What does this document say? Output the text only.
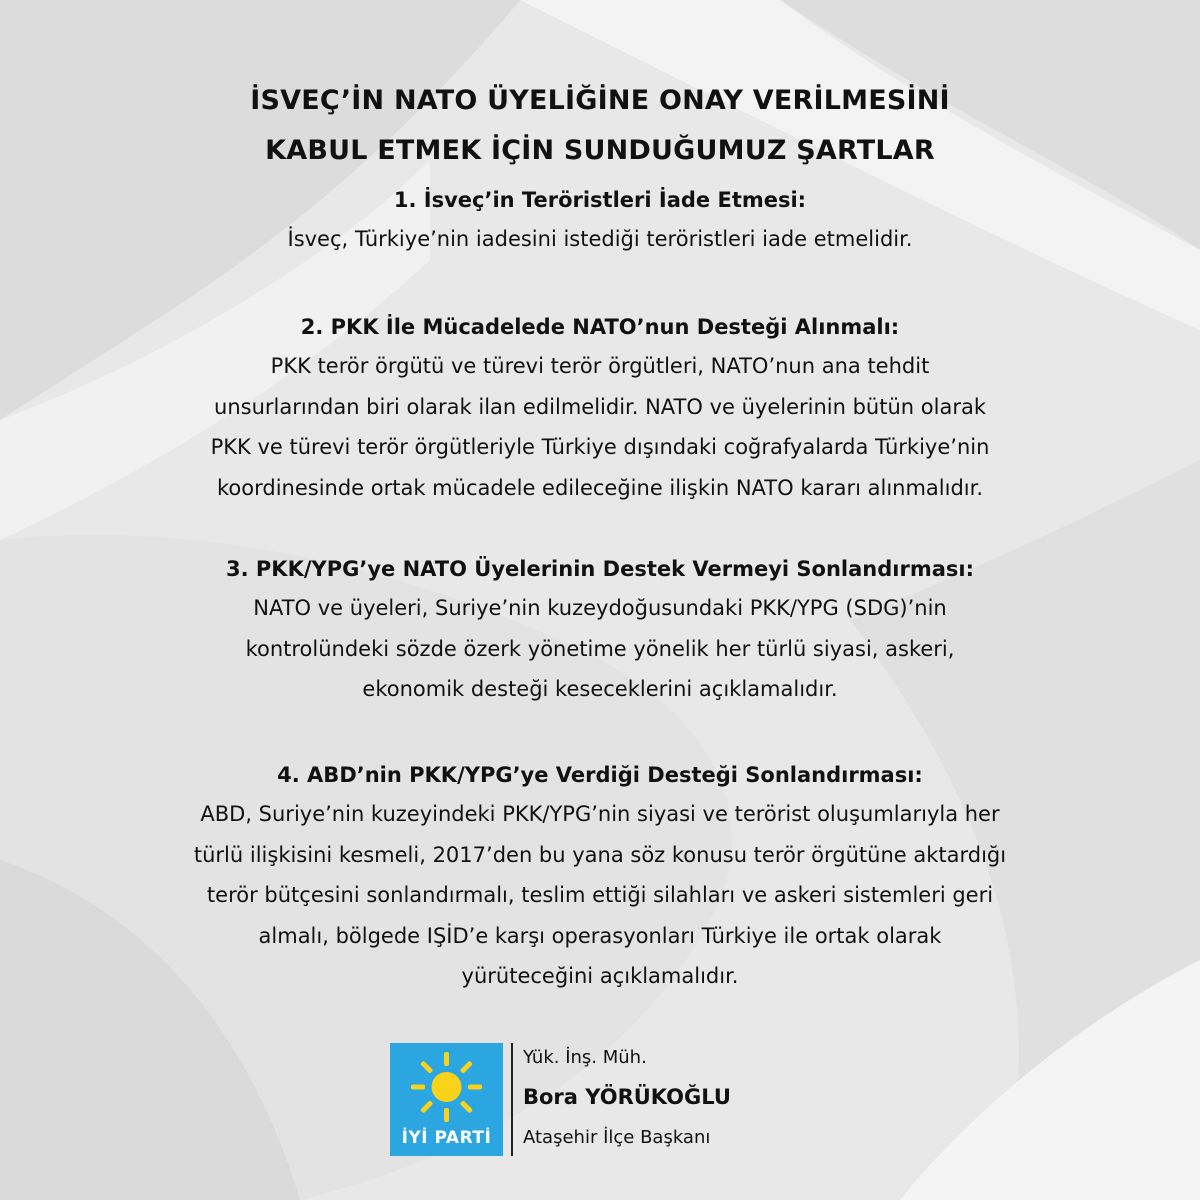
İSVEÇ’İN NATO ÜYELİĞİNE ONAY VERİLMESİNİ
KABUL ETMEK İÇİN SUNDUĞUMUZ ŞARTLAR
1. İsveç’in Teröristleri İade Etmesi:

İsveç, Türkiye’nin iadesini istediği teröristleri iade etmelidir.

2. PKK İle Mücadelede NATO’nun Desteği Alınmalı:

PKK terör örgütü ve türevi terör örgütleri, NATO’nun ana tehdit

unsurlarından biri olarak ilan edilmelidir. NATO ve üyelerinin bütün olarak

PKK ve türevi terör örgütleriyle Türkiye dışındaki coğrafyalarda Türkiye’nin

koordinesinde ortak mücadele edileceğine ilişkin NATO kararı alınmalıdır.

3. PKK/YPG’ye NATO Üyelerinin Destek Vermeyi Sonlandırması:

NATO ve üyeleri, Suriye’nin kuzeydoğusundaki PKK/YPG (SDG)’nin

kontrolündeki sözde özerk yönetime yönelik her türlü siyasi, askeri,

ekonomik desteği keseceklerini açıklamalıdır.

4. ABD’nin PKK/YPG’ye Verdiği Desteği Sonlandırması:

ABD, Suriye’nin kuzeyindeki PKK/YPG’nin siyasi ve terörist oluşumlarıyla her

türlü ilişkisini kesmeli, 2017’den bu yana söz konusu terör örgütüne aktardığı

terör bütçesini sonlandırmalı, teslim ettiği silahları ve askeri sistemleri geri

almalı, bölgede IŞİD’e karşı operasyonları Türkiye ile ortak olarak

yürüteceğini açıklamalıdır.

İYİ PARTİ
Yük. İnş. Müh.
Bora YÖRÜKOĞLU
Ataşehir İlçe Başkanı
